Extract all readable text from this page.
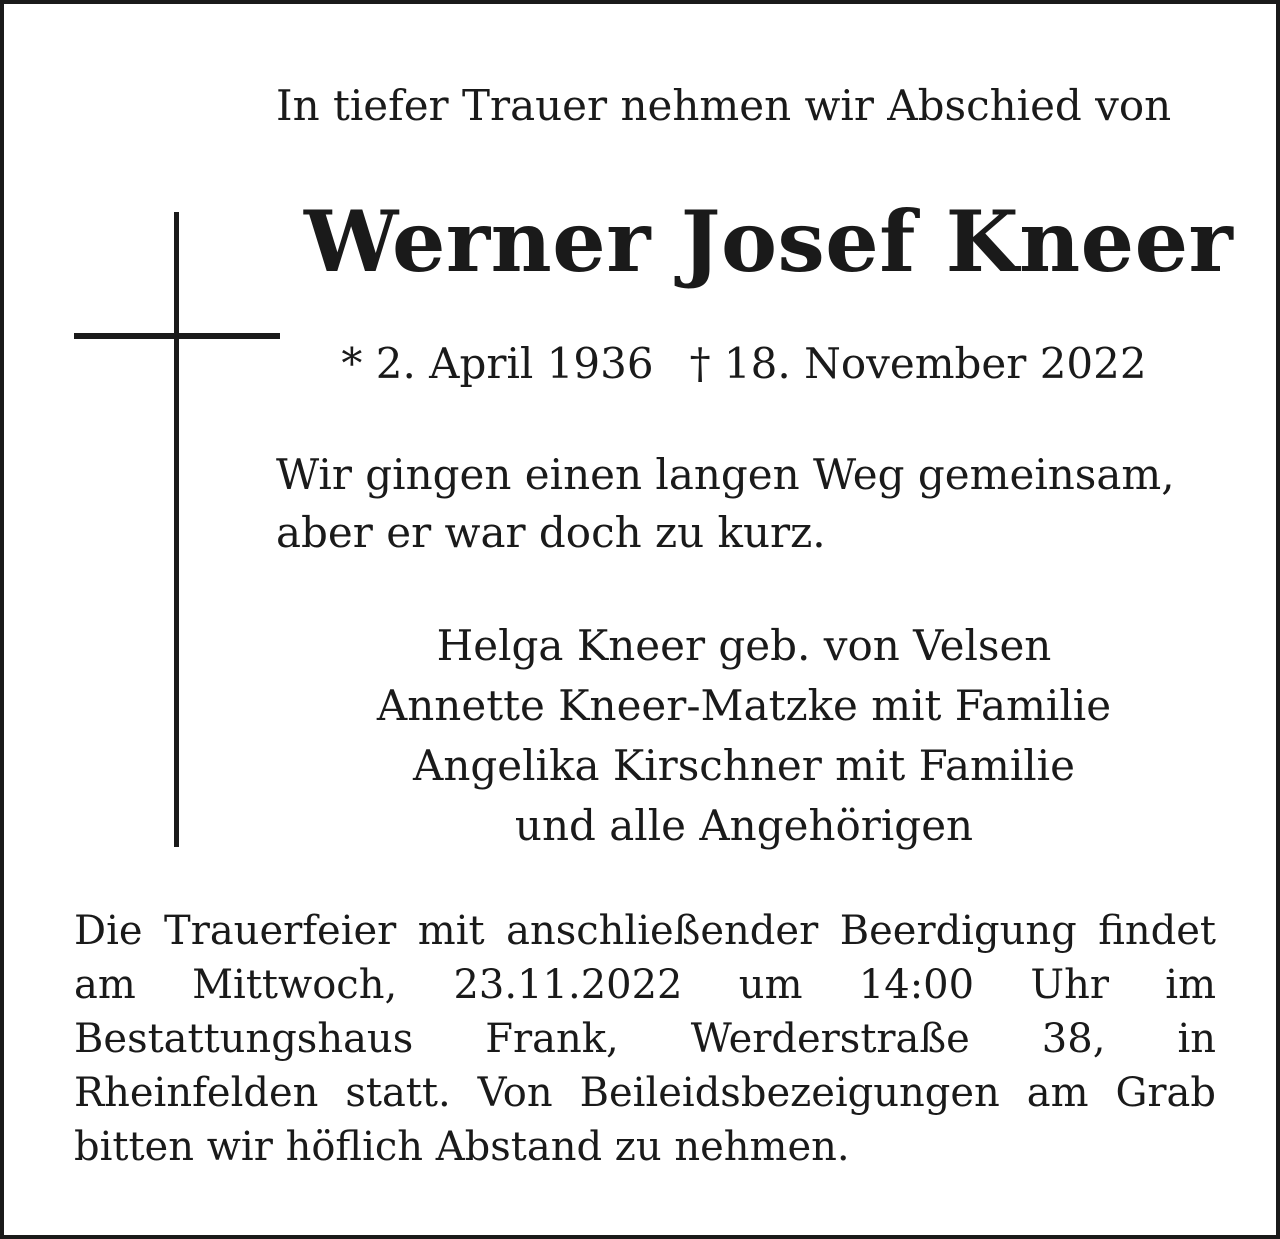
In tiefer Trauer nehmen wir Abschied von
Werner Josef Kneer
* 2. April 1936 † 18. November 2022
Wir gingen einen langen Weg gemeinsam,
aber er war doch zu kurz.
Helga Kneer geb. von Velsen
Annette Kneer-Matzke mit Familie
Angelika Kirschner mit Familie
und alle Angehörigen
Die Trauerfeier mit anschließender Beerdigung findet am Mittwoch, 23.11.2022 um 14:00 Uhr im Bestattungshaus Frank, Werderstraße 38, in Rheinfelden statt. Von Beileidsbezeigungen am Grab bitten wir höflich Abstand zu nehmen.
